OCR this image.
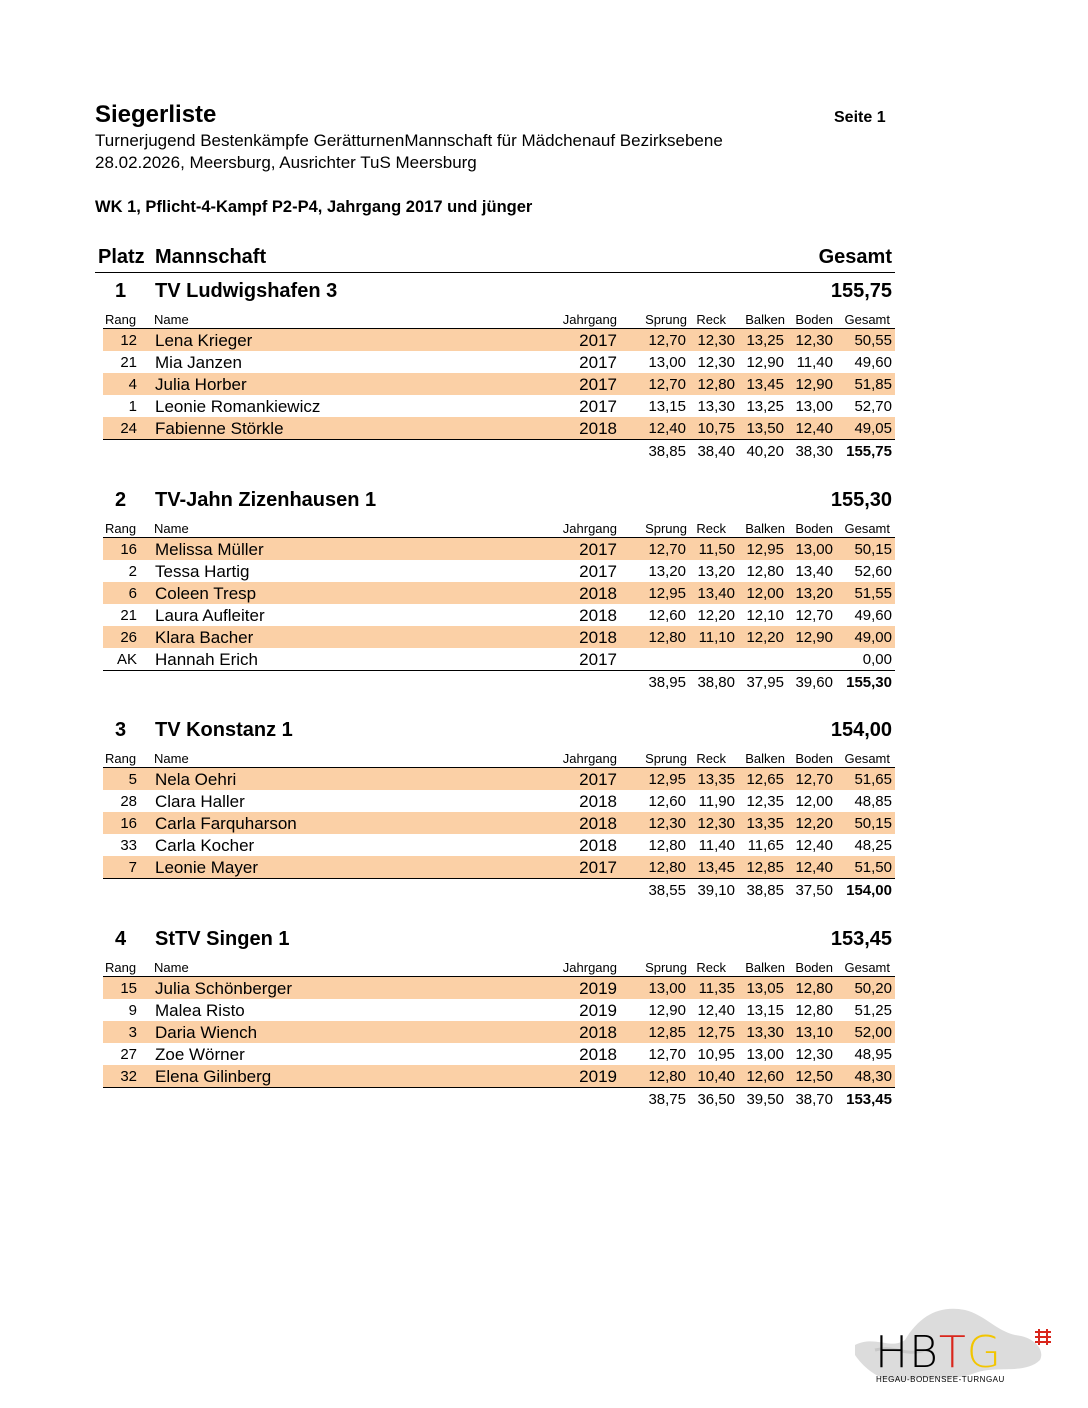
Siegerliste	Seite 1
Turnerjugend Bestenkämpfe GerätturnenMannschaft für Mädchenauf Bezirksebene
28.02.2026, Meersburg, Ausrichter TuS Meersburg
WK 1, Pflicht-4-Kampf P2-P4, Jahrgang 2017 und jünger
Platz Mannschaft	Gesamt
1 TV Ludwigshafen 3	155,75
Rang Name	Jahrgang Sprung Reck Balken Boden Gesamt
12 Lena Krieger	2017 12,70 12,30 13,25 12,30 50,55
21 Mia Janzen	2017 13,00 12,30 12,90 11,40 49,60
4 Julia Horber	2017 12,70 12,80 13,45 12,90 51,85
1 Leonie Romankiewicz	2017 13,15 13,30 13,25 13,00 52,70
24 Fabienne Störkle	2018 12,40 10,75 13,50 12,40 49,05
38,85 38,40 40,20 38,30 155,75
2 TV-Jahn Zizenhausen 1	155,30
Rang Name	Jahrgang Sprung Reck Balken Boden Gesamt
16 Melissa Müller	2017 12,70 11,50 12,95 13,00 50,15
2 Tessa Hartig	2017 13,20 13,20 12,80 13,40 52,60
6 Coleen Tresp	2018 12,95 13,40 12,00 13,20 51,55
21 Laura Aufleiter	2018 12,60 12,20 12,10 12,70 49,60
26 Klara Bacher	2018 12,80 11,10 12,20 12,90 49,00
AK Hannah Erich	2017	0,00
38,95 38,80 37,95 39,60 155,30
3 TV Konstanz 1	154,00
Rang Name	Jahrgang Sprung Reck Balken Boden Gesamt
5 Nela Oehri	2017 12,95 13,35 12,65 12,70 51,65
28 Clara Haller	2018 12,60 11,90 12,35 12,00 48,85
16 Carla Farquharson	2018 12,30 12,30 13,35 12,20 50,15
33 Carla Kocher	2018 12,80 11,40 11,65 12,40 48,25
7 Leonie Mayer	2017 12,80 13,45 12,85 12,40 51,50
38,55 39,10 38,85 37,50 154,00
4 StTV Singen 1	153,45
Rang Name	Jahrgang Sprung Reck Balken Boden Gesamt
15 Julia Schönberger	2019 13,00 11,35 13,05 12,80 50,20
9 Malea Risto	2019 12,90 12,40 13,15 12,80 51,25
3 Daria Wiench	2018 12,85 12,75 13,30 13,10 52,00
27 Zoe Wörner	2018 12,70 10,95 13,00 12,30 48,95
32 Elena Gilinberg	2019 12,80 10,40 12,60 12,50 48,30
38,75 36,50 39,50 38,70 153,45
HBTG
HEGAU-BODENSEE-TURNGAU
